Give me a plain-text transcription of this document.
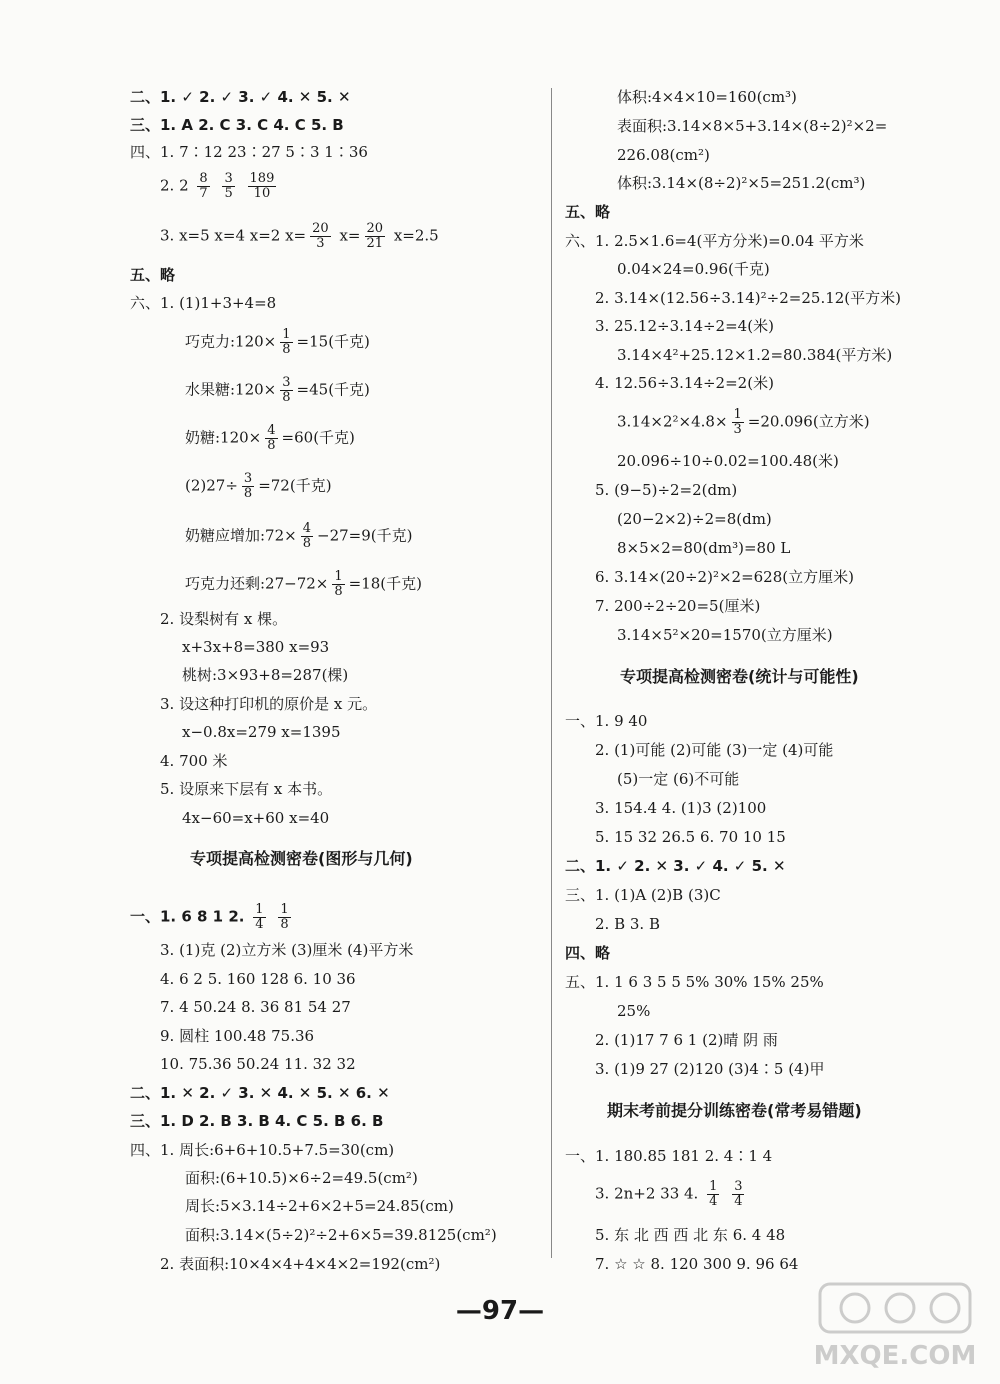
二、1. ✓ 2. ✓ 3. ✓ 4. ✕ 5. ✕
三、1. A 2. C 3. C 4. C 5. B
四、1. 7∶12 23∶27 5∶3 1∶36
2. $2 \frac{8}{7}$
$\frac{3}{5}$
$\frac{189}{10}$
3. x=5 x=4 x=2 $x= \frac{20}{3} x= \frac{20}{21} x=2.5$
五、略
六、1. (1)1+3+4=8
巧克力:120× $\frac{1}{8} =15$(千克)
水果糖:120× $\frac{3}{8} =45$(千克)
奶糖:120× $\frac{4}{8} =60$(千克)
$(2)27\div \frac{3}{8} =72$(千克)
奶糖应增加:72× $\frac{4}{8} -27=9$(千克)
巧克力还剩:27−72× $\frac{1}{8} =18$(千克)
2. 设梨树有 x 棵。
x+3x+8=380 x=93
桃树:3×93+8=287(棵)
3. 设这种打印机的原价是 x 元。
x−0.8x=279 x=1395
4. 700 米
5. 设原来下层有 x 本书。
4x−60=x+60 x=40
专项提高检测密卷(图形与几何)
一、1. 6 8 1 2. $\frac{1}{4}$
$\frac{1}{8}$
3. (1)克 (2)立方米 (3)厘米 (4)平方米
4. 6 2 5. 160 128 6. 10 36
7. 4 50.24 8. 36 81 54 27
9. 圆柱 100.48 75.36
10. 75.36 50.24 11. 32 32
二、1. ✕ 2. ✓ 3. ✕ 4. ✕ 5. ✕ 6. ✕
三、1. D 2. B 3. B 4. C 5. B 6. B
四、1. 周长:6+6+10.5+7.5=30(cm)
面积:(6+10.5)×6÷2=49.5(cm²)
周长:5×3.14÷2+6×2+5=24.85(cm)
面积:3.14×(5÷2)²÷2+6×5=39.8125(cm²)
2. 表面积:10×4×4+4×4×2=192(cm²)
体积:4×4×10=160(cm³)
表面积:3.14×8×5+3.14×(8÷2)²×2=
226.08(cm²)
体积:3.14×(8÷2)²×5=251.2(cm³)
五、略
六、1. 2.5×1.6=4(平方分米)=0.04 平方米
0.04×24=0.96(千克)
2. 3.14×(12.56÷3.14)²÷2=25.12(平方米)
3. 25.12÷3.14÷2=4(米)
3.14×4²+25.12×1.2=80.384(平方米)
4. 12.56÷3.14÷2=2(米)
$3.14\times 2^2\times 4.8\times \frac{1}{3} =20.096$(立方米)
20.096÷10÷0.02=100.48(米)
5. (9−5)÷2=2(dm)
(20−2×2)÷2=8(dm)
8×5×2=80(dm³)=80 L
6. 3.14×(20÷2)²×2=628(立方厘米)
7. 200÷2÷20=5(厘米)
3.14×5²×20=1570(立方厘米)
专项提高检测密卷(统计与可能性)
一、1. 9 40
2. (1)可能 (2)可能 (3)一定 (4)可能
(5)一定 (6)不可能
3. 154.4 4. (1)3 (2)100
5. 15 32 26.5 6. 70 10 15
二、1. ✓ 2. ✕ 3. ✓ 4. ✓ 5. ✕
三、1. (1)A (2)B (3)C
2. B 3. B
四、略
五、1. 1 6 3 5 5 5% 30% 15% 25%
25%
2. (1)17 7 6 1 (2)晴 阴 雨
3. (1)9 27 (2)120 (3)4∶5 (4)甲
期末考前提分训练密卷(常考易错题)
一、1. 180.85 181 2. 4∶1 4
3. 2n+2 33 4. $\frac{1}{4}$
$\frac{3}{4}$
5. 东 北 西 西 北 东 6. 4 48
7. ☆ ☆ 8. 120 300 9. 96 64
—97—
MXQE.COM
